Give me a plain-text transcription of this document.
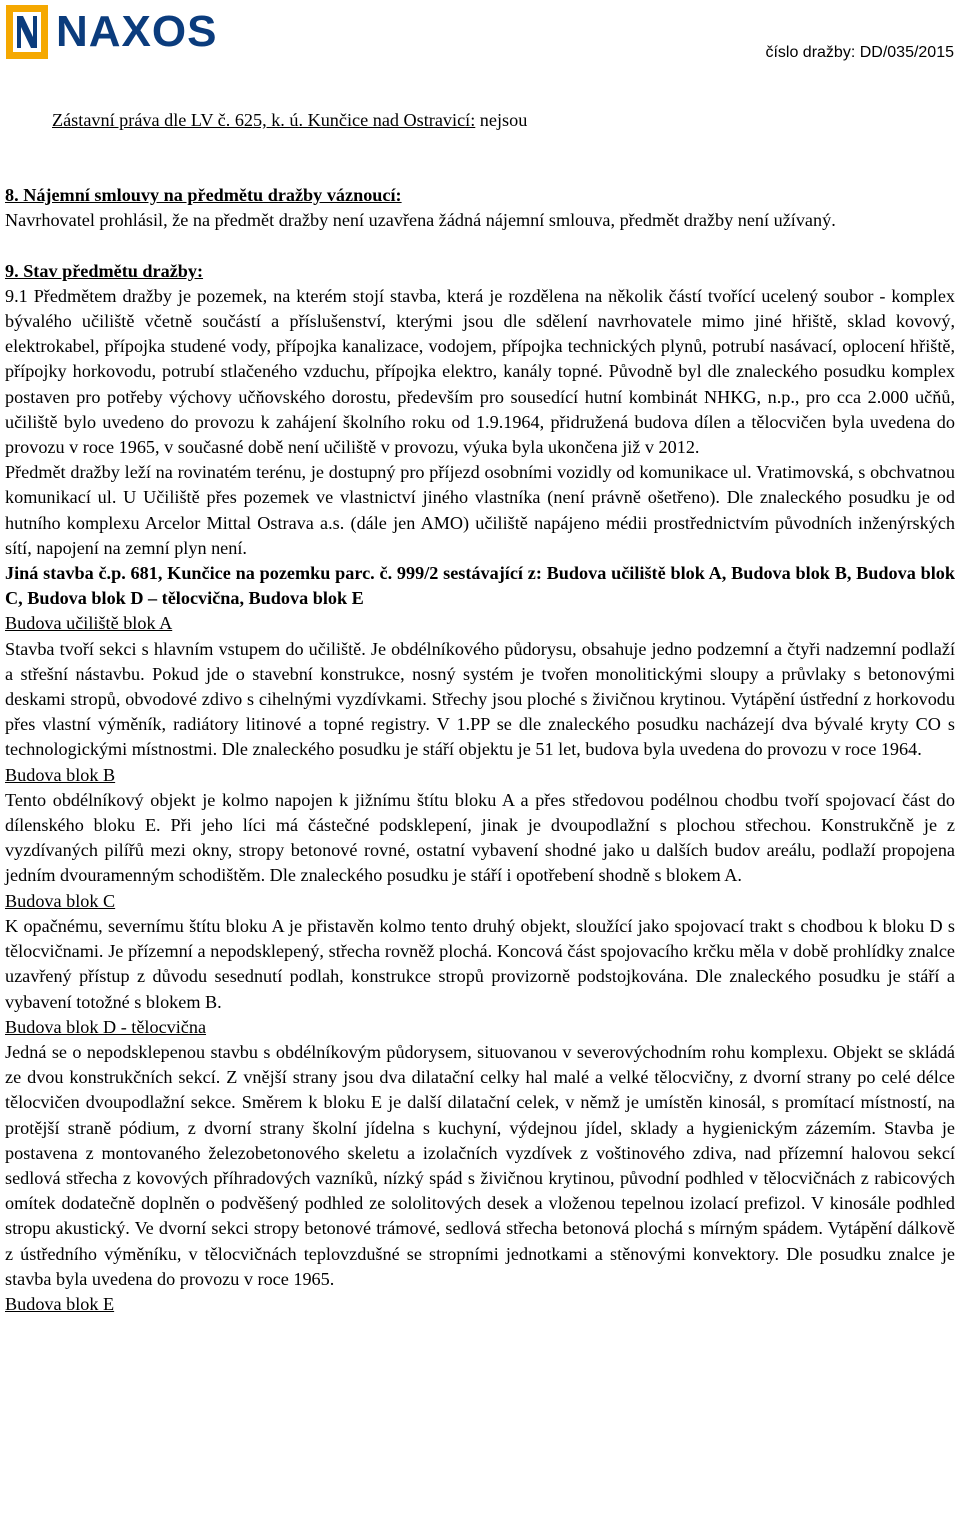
NAXOS	číslo dražby: DD/035/2015

Zástavní práva dle LV č. 625, k. ú. Kunčice nad Ostravicí: nejsou

8. Nájemní smlouvy na předmětu dražby váznoucí:

Navrhovatel prohlásil, že na předmět dražby není uzavřena žádná nájemní smlouva, předmět dražby není užívaný.

9. Stav předmětu dražby:

9.1 Předmětem dražby je pozemek, na kterém stojí stavba, která je rozdělena na několik částí tvořící ucelený soubor - komplex bývalého učiliště včetně součástí a příslušenství, kterými jsou dle sdělení navrhovatele mimo jiné hřiště, sklad kovový, elektrokabel, přípojka studené vody, přípojka kanalizace, vodojem, přípojka technických plynů, potrubí nasávací, oplocení hřiště, přípojky horkovodu, potrubí stlačeného vzduchu, přípojka elektro, kanály topné. Původně byl dle znaleckého posudku komplex postaven pro potřeby výchovy učňovského dorostu, především pro sousedící hutní kombinát NHKG, n.p., pro cca 2.000 učňů, učiliště bylo uvedeno do provozu k zahájení školního roku od 1.9.1964, přidružená budova dílen a tělocvičen byla uvedena do provozu v roce 1965, v současné době není učiliště v provozu, výuka byla ukončena již v 2012.

Předmět dražby leží na rovinatém terénu, je dostupný pro příjezd osobními vozidly od komunikace ul. Vratimovská, s obchvatnou komunikací ul. U Učiliště přes pozemek ve vlastnictví jiného vlastníka (není právně ošetřeno). Dle znaleckého posudku je od hutního komplexu Arcelor Mittal Ostrava a.s. (dále jen AMO) učiliště napájeno médii prostřednictvím původních inženýrských sítí, napojení na zemní plyn není.

Jiná stavba č.p. 681, Kunčice na pozemku parc. č. 999/2 sestávající z: Budova učiliště blok A, Budova blok B, Budova blok C, Budova blok D – tělocvična, Budova blok E

Budova učiliště blok A

Stavba tvoří sekci s hlavním vstupem do učiliště. Je obdélníkového půdorysu, obsahuje jedno podzemní a čtyři nadzemní podlaží a střešní nástavbu. Pokud jde o stavební konstrukce, nosný systém je tvořen monolitickými sloupy a průvlaky s betonovými deskami stropů, obvodové zdivo s cihelnými vyzdívkami. Střechy jsou ploché s živičnou krytinou. Vytápění ústřední z horkovodu přes vlastní výměník, radiátory litinové a topné registry. V 1.PP se dle znaleckého posudku nacházejí dva bývalé kryty CO s technologickými místnostmi. Dle znaleckého posudku je stáří objektu je 51 let, budova byla uvedena do provozu v roce 1964.

Budova blok B

Tento obdélníkový objekt je kolmo napojen k jižnímu štítu bloku A a přes středovou podélnou chodbu tvoří spojovací část do dílenského bloku E. Při jeho líci má částečné podsklepení, jinak je dvoupodlažní s plochou střechou. Konstrukčně je z vyzdívaných pilířů mezi okny, stropy betonové rovné, ostatní vybavení shodné jako u dalších budov areálu, podlaží propojena jedním dvouramenným schodištěm. Dle znaleckého posudku je stáří i opotřebení shodně s blokem A.

Budova blok C

K opačnému, severnímu štítu bloku A je přistavěn kolmo tento druhý objekt, sloužící jako spojovací trakt s chodbou k bloku D s tělocvičnami. Je přízemní a nepodsklepený, střecha rovněž plochá. Koncová část spojovacího krčku měla v době prohlídky znalce uzavřený přístup z důvodu sesednutí podlah, konstrukce stropů provizorně podstojkována. Dle znaleckého posudku je stáří a vybavení totožné s blokem B.

Budova blok D - tělocvična

Jedná se o nepodsklepenou stavbu s obdélníkovým půdorysem, situovanou v severovýchodním rohu komplexu. Objekt se skládá ze dvou konstrukčních sekcí. Z vnější strany jsou dva dilatační celky hal malé a velké tělocvičny, z dvorní strany po celé délce tělocvičen dvoupodlažní sekce. Směrem k bloku E je další dilatační celek, v němž je umístěn kinosál, s promítací místností, na protější straně pódium, z dvorní strany školní jídelna s kuchyní, výdejnou jídel, sklady a hygienickým zázemím. Stavba je postavena z montovaného železobetonového skeletu a izolačních vyzdívek z voštinového zdiva, nad přízemní halovou sekcí sedlová střecha z kovových příhradových vazníků, nízký spád s živičnou krytinou, původní podhled v tělocvičnách z rabicových omítek dodatečně doplněn o podvěšený podhled ze sololitových desek a vloženou tepelnou izolací prefizol. V kinosále podhled stropu akustický. Ve dvorní sekci stropy betonové trámové, sedlová střecha betonová plochá s mírným spádem. Vytápění dálkově z ústředního výměníku, v tělocvičnách teplovzdušné se stropními jednotkami a stěnovými konvektory. Dle posudku znalce je stavba byla uvedena do provozu v roce 1965.

Budova blok E
